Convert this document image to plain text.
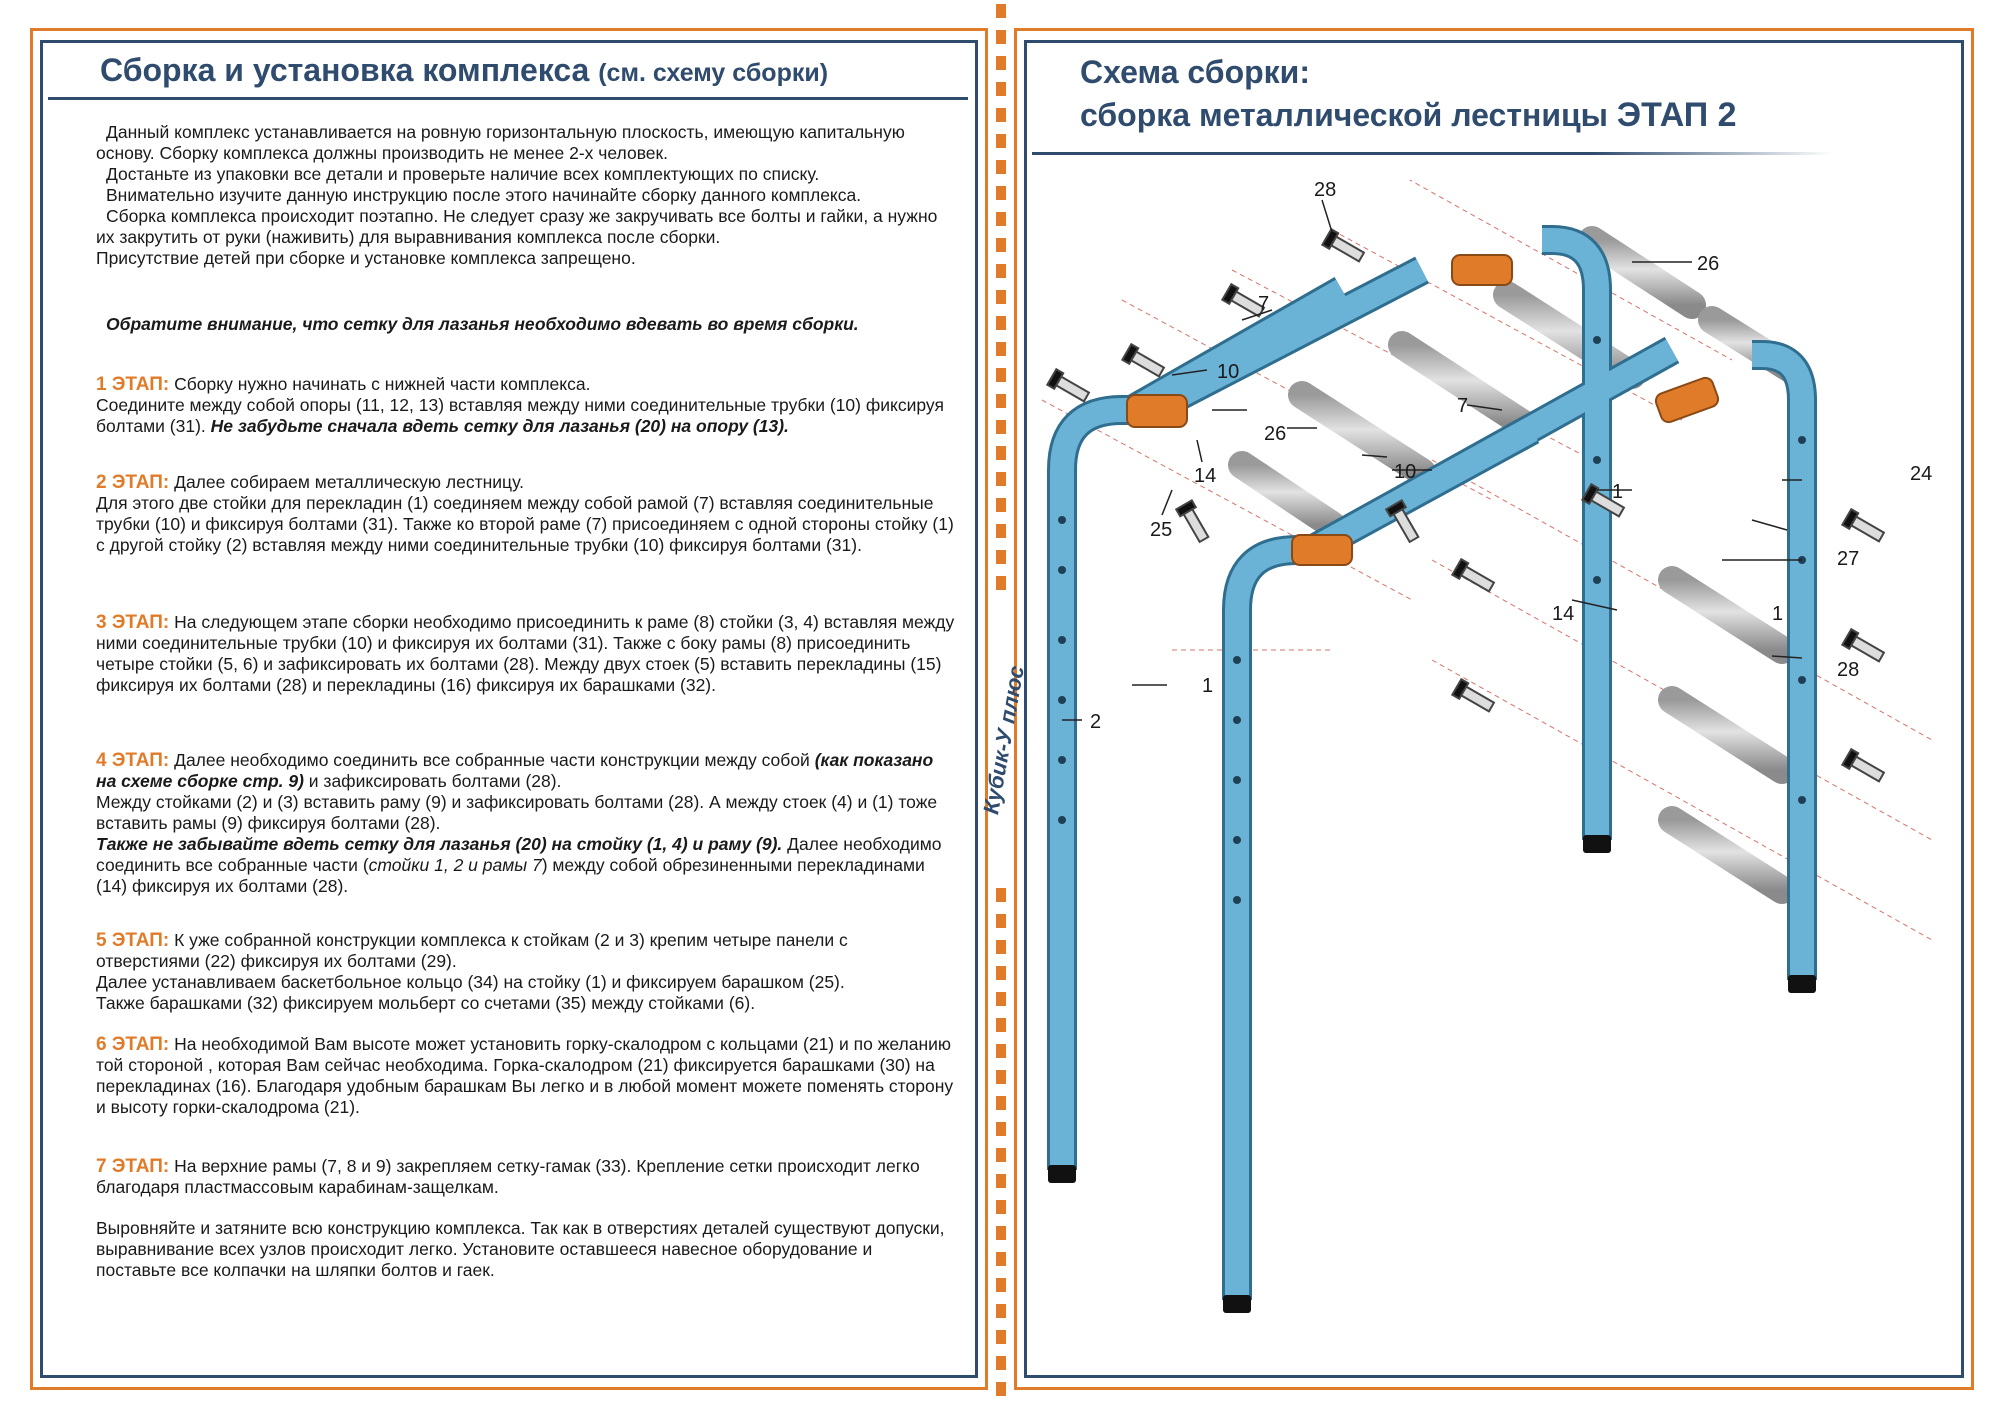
Кубик-У плюс
Сборка и установка комплекса (см. схему сборки)

Данный комплекс устанавливается на ровную горизонтальную плоскость, имеющую капитальную основу. Сборку комплекса должны производить не менее 2-х человек.

Достаньте из упаковки все детали и проверьте наличие всех комплектующих по списку.

Внимательно изучите данную инструкцию после этого начинайте сборку данного комплекса.

Сборка комплекса происходит поэтапно. Не следует сразу же закручивать все болты и гайки, а нужно их закрутить от руки (наживить) для выравнивания комплекса после сборки.

Присутствие детей при сборке и установке комплекса запрещено.

Обратите внимание, что сетку для лазанья необходимо вдевать во время сборки.

1 ЭТАП: Сборку нужно начинать с нижней части комплекса.

Соедините между собой опоры (11, 12, 13) вставляя между ними соединительные трубки (10) фиксируя болтами (31). Не забудьте сначала вдеть сетку для лазанья (20) на опору (13).

2 ЭТАП: Далее собираем металлическую лестницу.

Для этого две стойки для перекладин (1) соединяем между собой рамой (7) вставляя соединительные трубки (10) и фиксируя болтами (31). Также ко второй раме (7) присоединяем с одной стороны стойку (1) с другой стойку (2) вставляя между ними соединительные трубки (10) фиксируя болтами (31).

3 ЭТАП: На следующем этапе сборки необходимо присоединить к раме (8) стойки (3, 4) вставляя между ними соединительные трубки (10) и фиксируя их болтами (31). Также с боку рамы (8) присоединить четыре стойки (5, 6) и зафиксировать их болтами (28). Между двух стоек (5) вставить перекладины (15) фиксируя их болтами (28) и перекладины (16) фиксируя их барашками (32).

4 ЭТАП: Далее необходимо соединить все собранные части конструкции между собой (как показано на схеме сборке стр. 9) и зафиксировать болтами (28).

Между стойками (2) и (3) вставить раму (9) и зафиксировать болтами (28). А между стоек (4) и (1) тоже вставить рамы (9) фиксируя болтами (28).

Также не забывайте вдеть сетку для лазанья (20) на стойку (1, 4) и раму (9). Далее необходимо соединить все собранные части (стойки 1, 2 и рамы 7) между собой обрезиненными перекладинами (14) фиксируя их болтами (28).

5 ЭТАП: К уже собранной конструкции комплекса к стойкам (2 и 3) крепим четыре панели с отверстиями (22) фиксируя их болтами (29).

Далее устанавливаем баскетбольное кольцо (34) на стойку (1) и фиксируем барашком (25).

Также барашками (32) фиксируем мольберт со счетами (35) между стойками (6).

6 ЭТАП: На необходимой Вам высоте может установить горку-скалодром с кольцами (21) и по желанию той стороной , которая Вам сейчас необходима. Горка-скалодром (21) фиксируется барашками (30) на перекладинах (16). Благодаря удобным барашкам Вы легко и в любой момент можете поменять сторону и высоту горки-скалодрома (21).

7 ЭТАП: На верхние рамы (7, 8 и 9) закрепляем сетку-гамак (33). Крепление сетки происходит легко благодаря пластмассовым карабинам-защелкам.

Выровняйте и затяните всю конструкцию комплекса. Так как в отверстиях деталей существуют допуски, выравнивание всех узлов происходит легко. Установите оставшееся навесное оборудование и поставьте все колпачки на шляпки болтов и гаек.

Схема сборки:
сборка металлической лестницы ЭТАП 2
28
26
7
10
7
26
14	10
1
24
25
27
1
14
28
1
2
